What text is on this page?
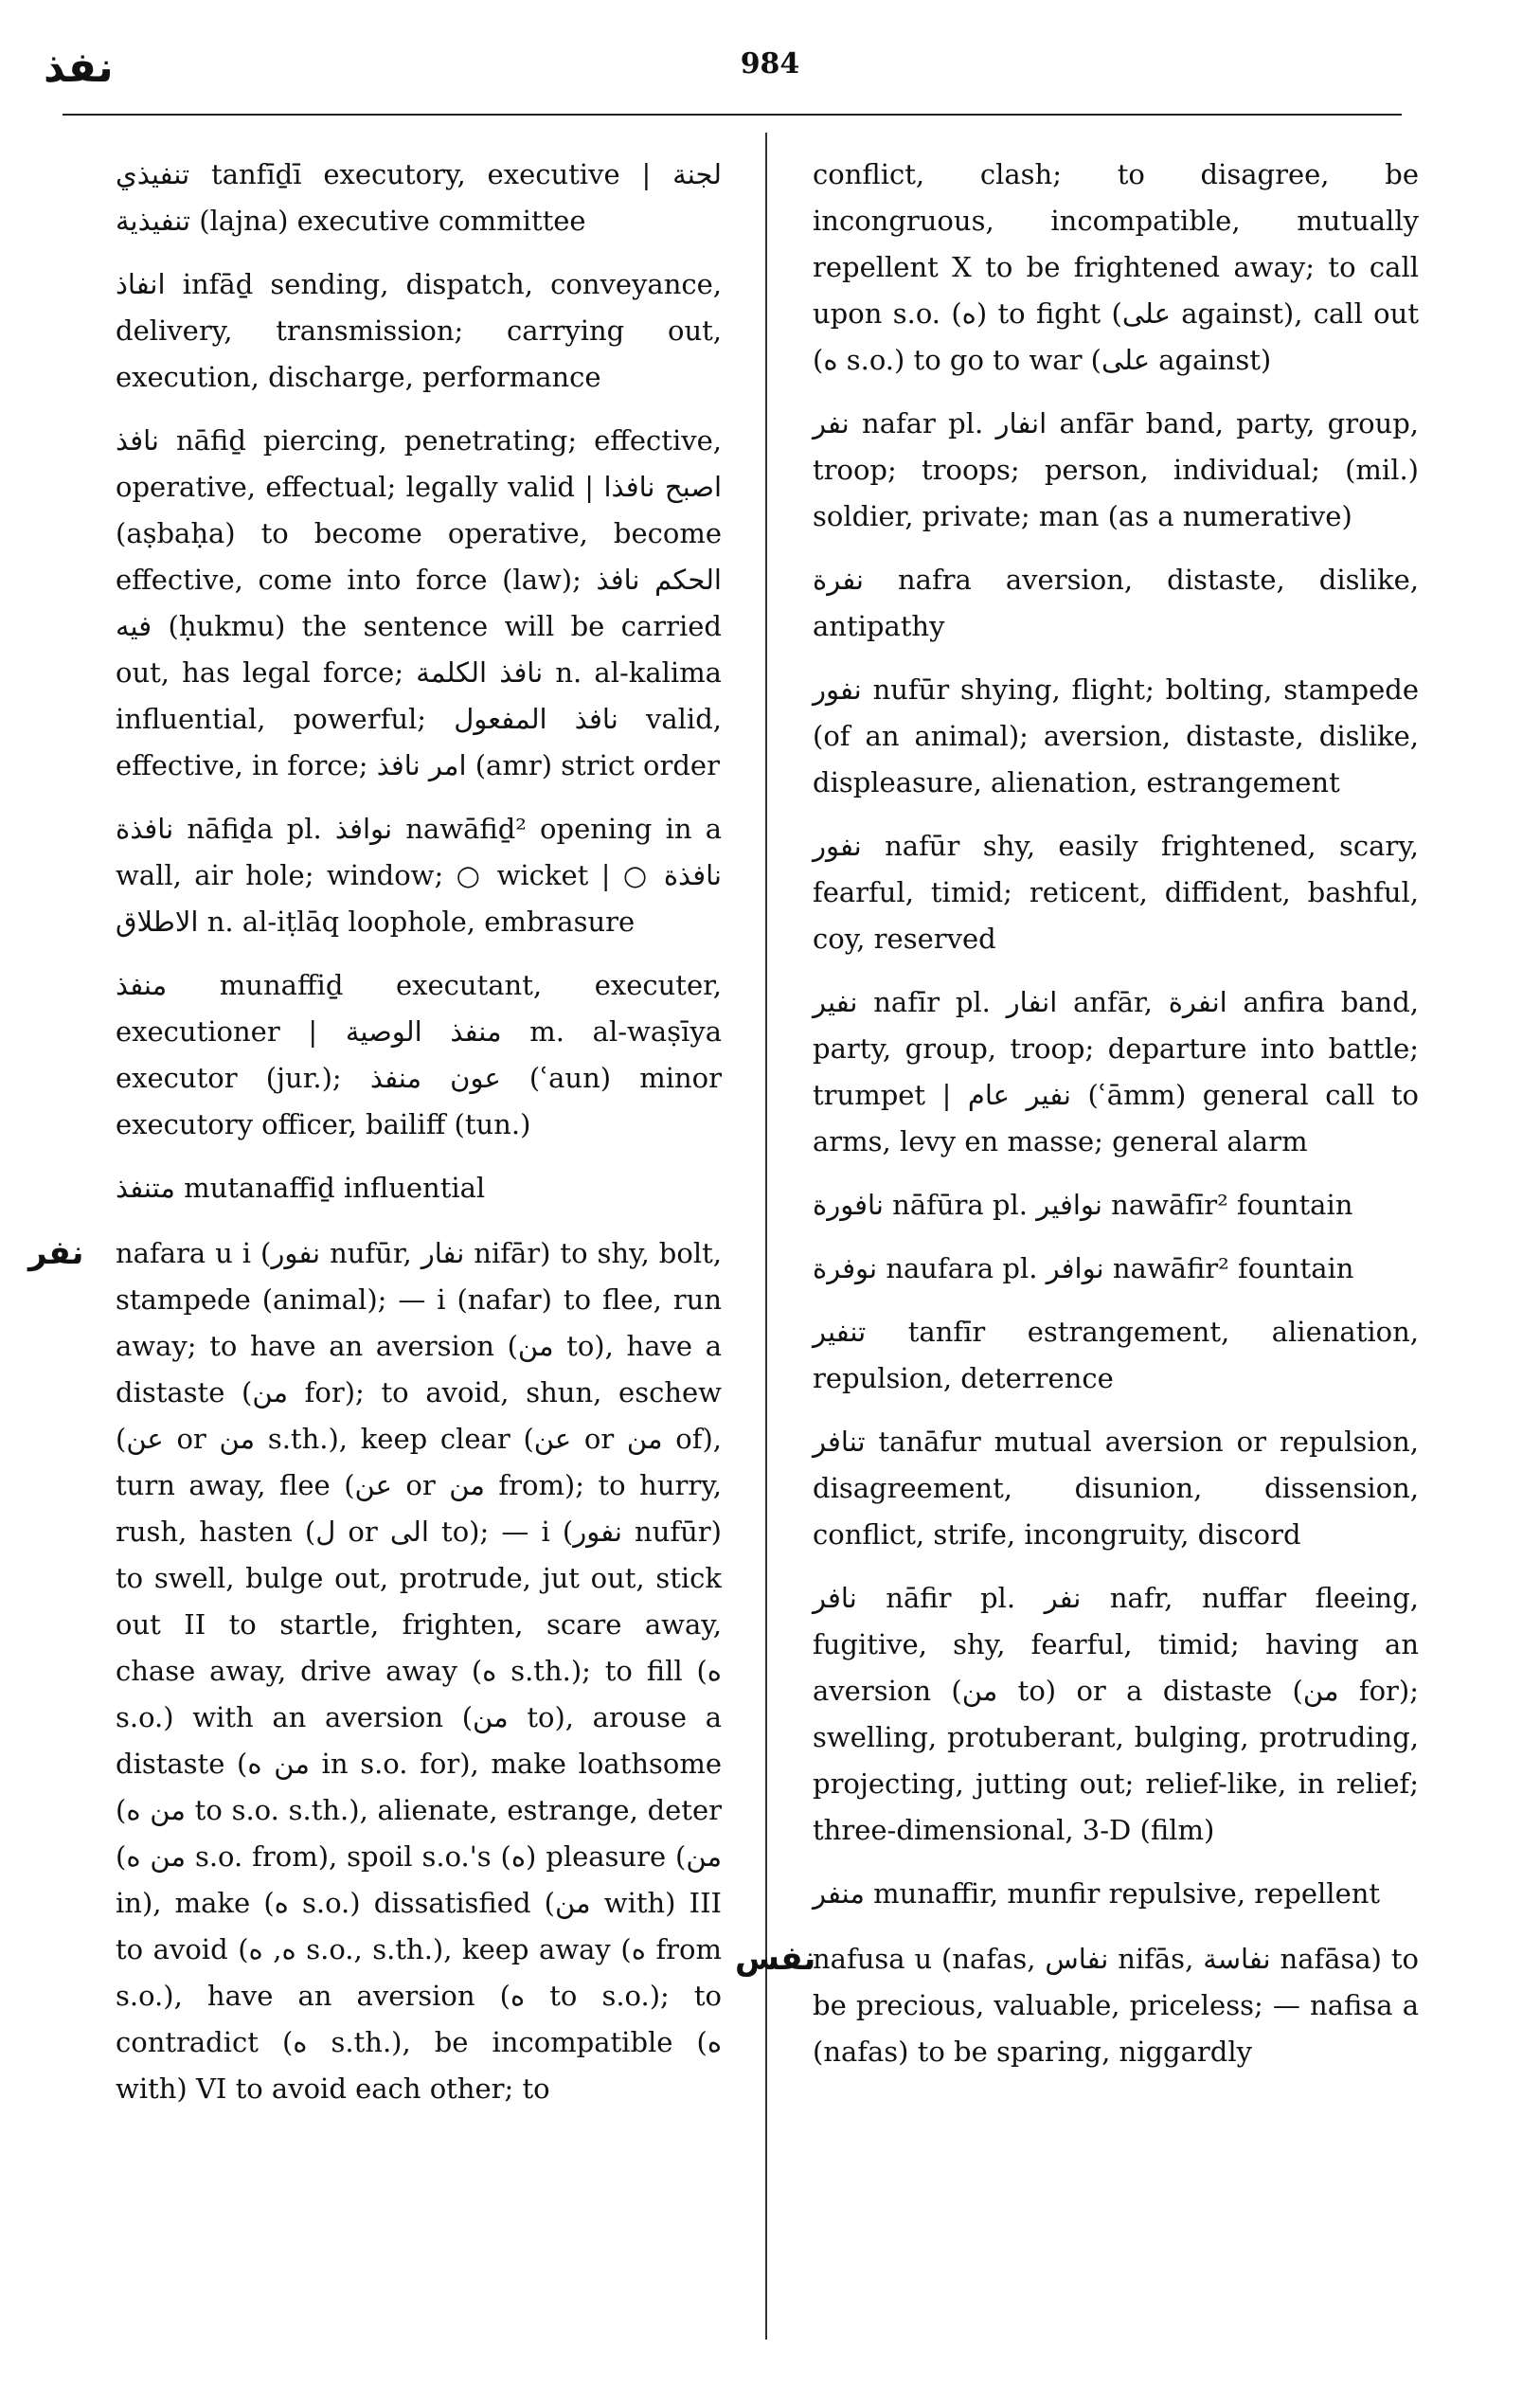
نفذ	984

تنفيذي tanfīḏī executory, executive | لجنة تنفيذية (lajna) executive committee

انفاذ infāḏ sending, dispatch, conveyance, delivery, transmission; carrying out, execution, discharge, performance

نافذ nāfiḏ piercing, penetrating; effective, operative, effectual; legally valid | اصبح نافذا (aṣbaḥa) to become operative, become effective, come into force (law); الحكم نافذ فيه (ḥukmu) the sentence will be carried out, has legal force; نافذ الكلمة n. al-kalima influential, powerful; نافذ المفعول valid, effective, in force; امر نافذ (amr) strict order

نافذة nāfiḏa pl. نوافذ nawāfiḏ² opening in a wall, air hole; window; ○ wicket | ○ نافذة الاطلاق n. al-iṭlāq loophole, embrasure

منفذ munaffiḏ executant, executer, executioner | منفذ الوصية m. al-waṣīya executor (jur.); عون منفذ (ʿaun) minor executory officer, bailiff (tun.)

متنفذ mutanaffiḏ influential

نفر nafara u i (نفور nufūr, نفار nifār) to shy, bolt, stampede (animal); — i (nafar) to flee, run away; to have an aversion (من to), have a distaste (من for); to avoid, shun, eschew (عن or من s.th.), keep clear (عن or من of), turn away, flee (عن or من from); to hurry, rush, hasten (ل or الى to); — i (نفور nufūr) to swell, bulge out, protrude, jut out, stick out II to startle, frighten, scare away, chase away, drive away (ه s.th.); to fill (ه s.o.) with an aversion (من to), arouse a distaste (من ه in s.o. for), make loathsome (من ه to s.o. s.th.), alienate, estrange, deter (من ه s.o. from), spoil s.o.'s (ه) pleasure (من in), make (ه s.o.) dissatisfied (من with) III to avoid (ه, ه s.o., s.th.), keep away (ه from s.o.), have an aversion (ه to s.o.); to contradict (ه s.th.), be incompatible (ه with) VI to avoid each other; to

conflict, clash; to disagree, be incongruous, incompatible, mutually repellent X to be frightened away; to call upon s.o. (ه) to fight (على against), call out (ه s.o.) to go to war (على against)

نفر nafar pl. انفار anfār band, party, group, troop; troops; person, individual; (mil.) soldier, private; man (as a numerative)

نفرة nafra aversion, distaste, dislike, antipathy

نفور nufūr shying, flight; bolting, stampede (of an animal); aversion, distaste, dislike, displeasure, alienation, estrangement

نفور nafūr shy, easily frightened, scary, fearful, timid; reticent, diffident, bashful, coy, reserved

نفير nafīr pl. انفار anfār, انفرة anfira band, party, group, troop; departure into battle; trumpet | نفير عام (ʿāmm) general call to arms, levy en masse; general alarm

نافورة nāfūra pl. نوافير nawāfīr² fountain

نوفرة naufara pl. نوافر nawāfir² fountain

تنفير tanfīr estrangement, alienation, repulsion, deterrence

تنافر tanāfur mutual aversion or repulsion, disagreement, disunion, dissension, conflict, strife, incongruity, discord

نافر nāfir pl. نفر nafr, nuffar fleeing, fugitive, shy, fearful, timid; having an aversion (من to) or a distaste (من for); swelling, protuberant, bulging, protruding, projecting, jutting out; relief-like, in relief; three-dimensional, 3-D (film)

منفر munaffir, munfir repulsive, repellent

نفس

nafusa u (nafas, نفاس nifās, نفاسة nafāsa) to be precious, valuable, priceless; — nafisa a (nafas) to be sparing, niggardly
